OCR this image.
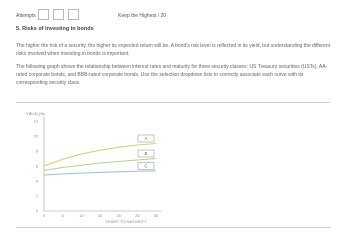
Attempts	Keep the Highest / 20
5. Risks of investing in bonds
The higher the risk of a security, the higher its expected return will be. A bond's risk level is reflected in its yield, but understanding the different risks involved when investing in bonds is important.
The following graph shows the relationship between interest rates and maturity for three security classes: US Treasury securities (USTs), AA-rated corporate bonds, and BBB-rated corporate bonds. Use the selection dropdown lists to correctly associate each curve with its corresponding security class.
YIELD (%)
0
2
4
6
8
10
12
0	5	10	15	20	25	30
YEARS TO MATURITY
A
B
C
